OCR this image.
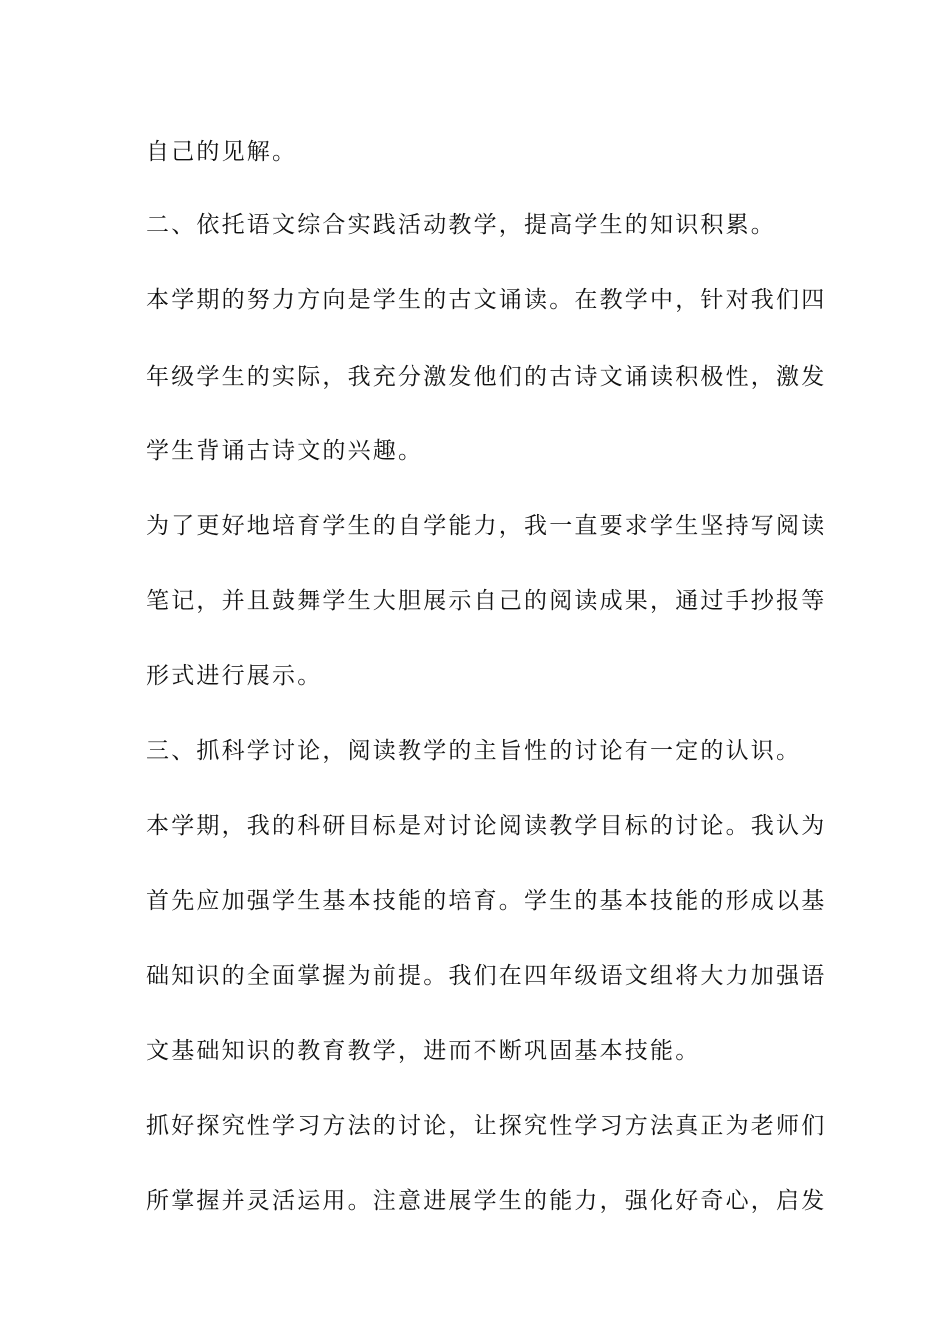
自己的见解。
二、依托语文综合实践活动教学，提高学生的知识积累。
本学期的努力方向是学生的古文诵读。在教学中，针对我们四
年级学生的实际，我充分激发他们的古诗文诵读积极性，激发
学生背诵古诗文的兴趣。
为了更好地培育学生的自学能力，我一直要求学生坚持写阅读
笔记，并且鼓舞学生大胆展示自己的阅读成果，通过手抄报等
形式进行展示。
三、抓科学讨论，阅读教学的主旨性的讨论有一定的认识。
本学期，我的科研目标是对讨论阅读教学目标的讨论。我认为
首先应加强学生基本技能的培育。学生的基本技能的形成以基
础知识的全面掌握为前提。我们在四年级语文组将大力加强语
文基础知识的教育教学，进而不断巩固基本技能。
抓好探究性学习方法的讨论，让探究性学习方法真正为老师们
所掌握并灵活运用。注意进展学生的能力，强化好奇心，启发
